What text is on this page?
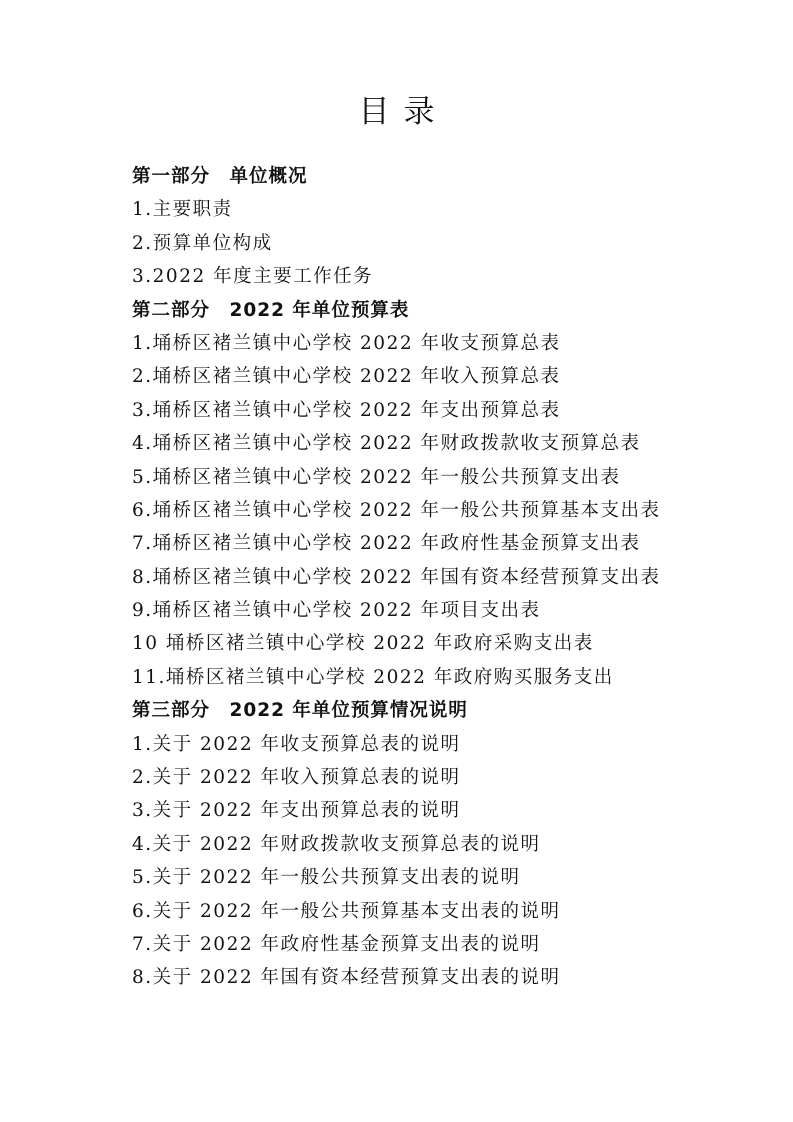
目录
第一部分　单位概况
1.主要职责
2.预算单位构成
3.2022 年度主要工作任务
第二部分　2022 年单位预算表
1.埇桥区褚兰镇中心学校 2022 年收支预算总表
2.埇桥区褚兰镇中心学校 2022 年收入预算总表
3.埇桥区褚兰镇中心学校 2022 年支出预算总表
4.埇桥区褚兰镇中心学校 2022 年财政拨款收支预算总表
5.埇桥区褚兰镇中心学校 2022 年一般公共预算支出表
6.埇桥区褚兰镇中心学校 2022 年一般公共预算基本支出表
7.埇桥区褚兰镇中心学校 2022 年政府性基金预算支出表
8.埇桥区褚兰镇中心学校 2022 年国有资本经营预算支出表
9.埇桥区褚兰镇中心学校 2022 年项目支出表
10 埇桥区褚兰镇中心学校 2022 年政府采购支出表
11.埇桥区褚兰镇中心学校 2022 年政府购买服务支出
第三部分　2022 年单位预算情况说明
1.关于 2022 年收支预算总表的说明
2.关于 2022 年收入预算总表的说明
3.关于 2022 年支出预算总表的说明
4.关于 2022 年财政拨款收支预算总表的说明
5.关于 2022 年一般公共预算支出表的说明
6.关于 2022 年一般公共预算基本支出表的说明
7.关于 2022 年政府性基金预算支出表的说明
8.关于 2022 年国有资本经营预算支出表的说明
